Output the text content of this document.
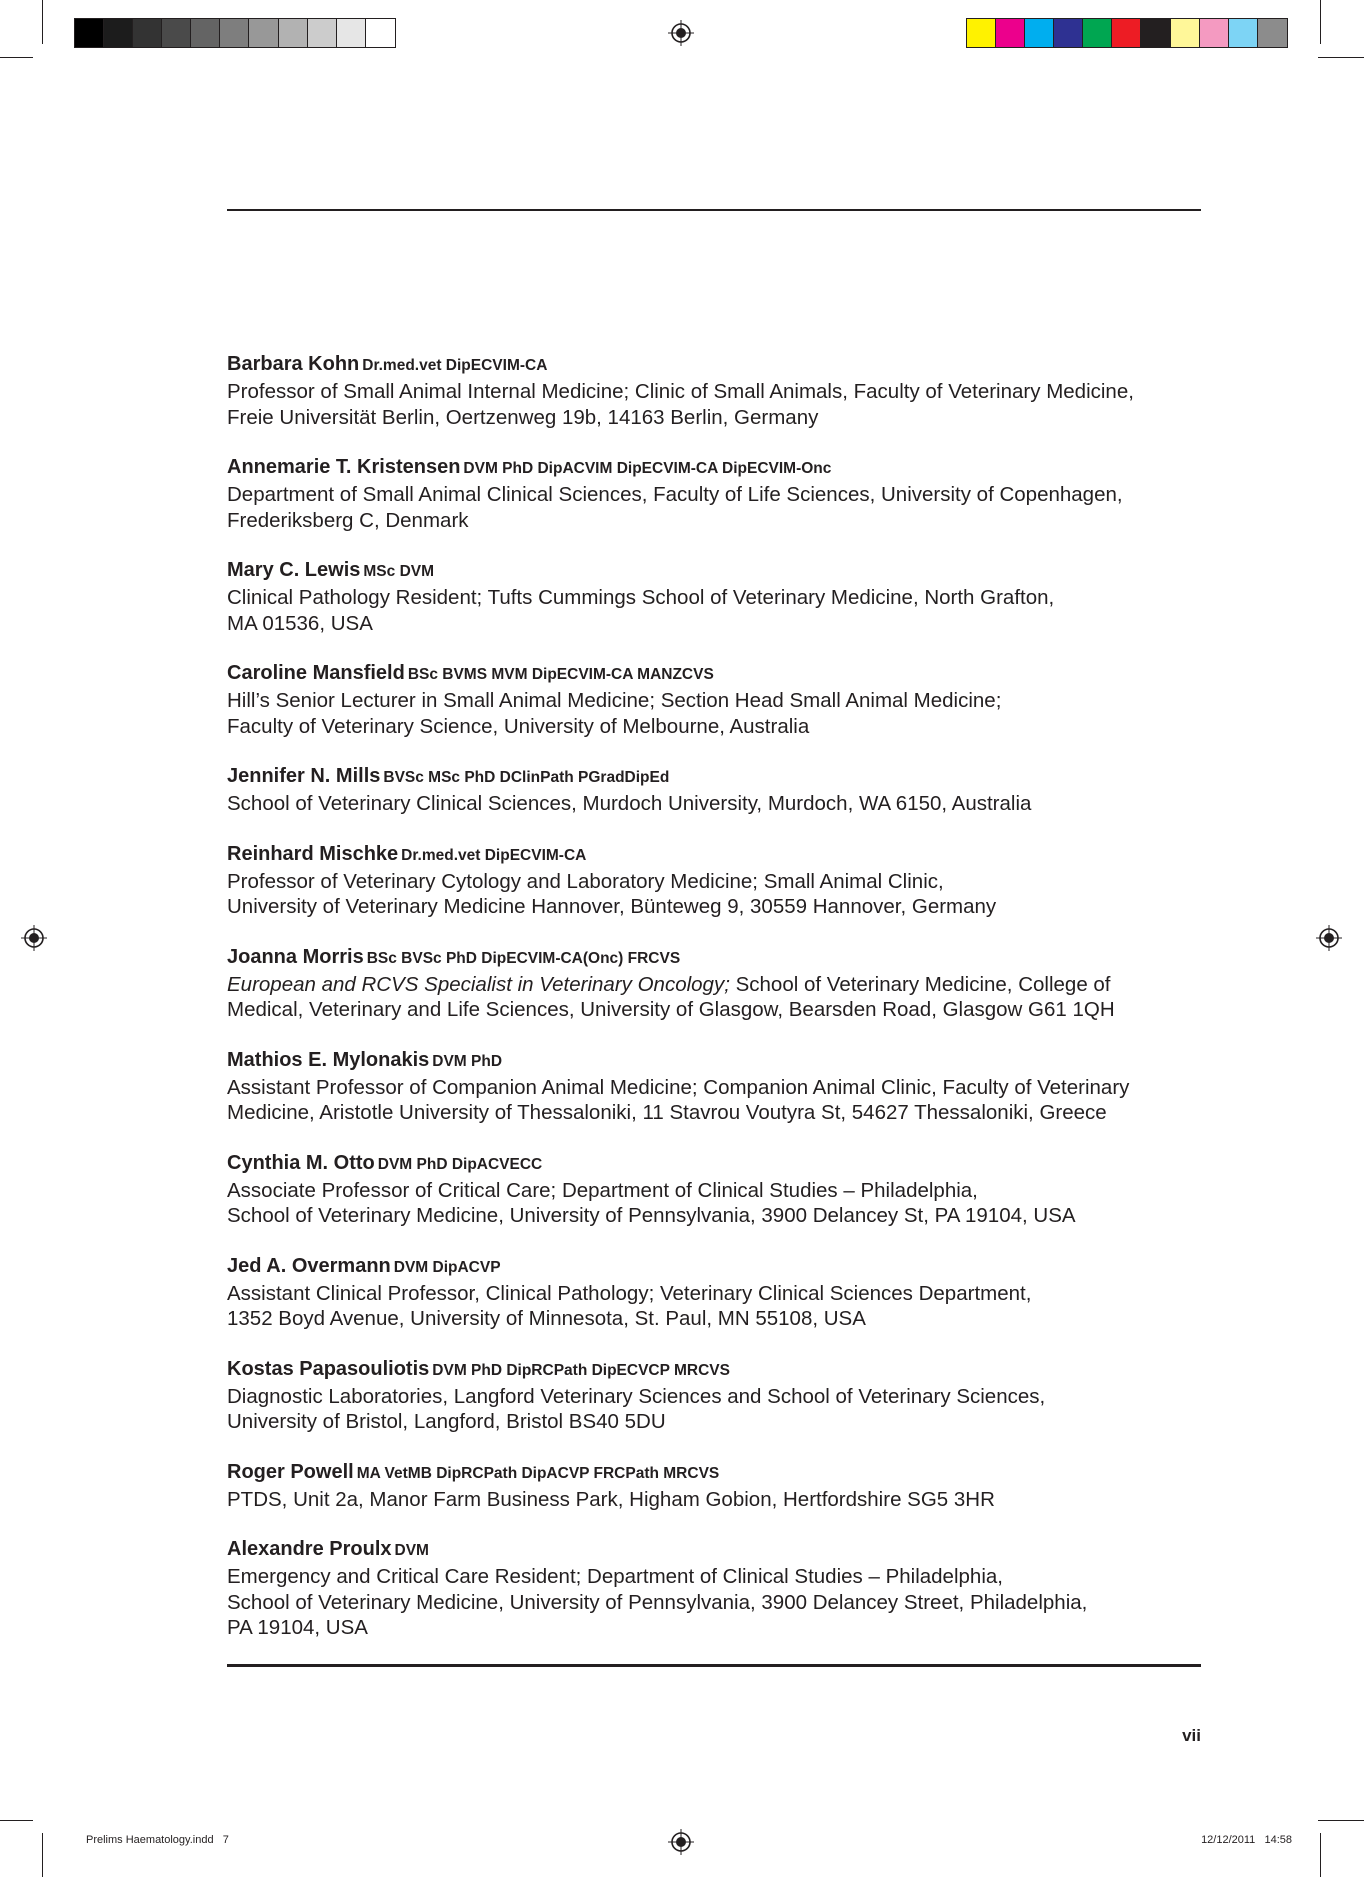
Barbara Kohn Dr.med.vet DipECVIM-CA
Professor of Small Animal Internal Medicine; Clinic of Small Animals, Faculty of Veterinary Medicine,
Freie Universität Berlin, Oertzenweg 19b, 14163 Berlin, Germany
Annemarie T. Kristensen DVM PhD DipACVIM DipECVIM-CA DipECVIM-Onc
Department of Small Animal Clinical Sciences, Faculty of Life Sciences, University of Copenhagen,
Frederiksberg C, Denmark
Mary C. Lewis MSc DVM
Clinical Pathology Resident; Tufts Cummings School of Veterinary Medicine, North Grafton,
MA 01536, USA
Caroline Mansfield BSc BVMS MVM DipECVIM-CA MANZCVS
Hill’s Senior Lecturer in Small Animal Medicine; Section Head Small Animal Medicine;
Faculty of Veterinary Science, University of Melbourne, Australia
Jennifer N. Mills BVSc MSc PhD DClinPath PGradDipEd
School of Veterinary Clinical Sciences, Murdoch University, Murdoch, WA 6150, Australia
Reinhard Mischke Dr.med.vet DipECVIM-CA
Professor of Veterinary Cytology and Laboratory Medicine; Small Animal Clinic,
University of Veterinary Medicine Hannover, Bünteweg 9, 30559 Hannover, Germany
Joanna Morris BSc BVSc PhD DipECVIM-CA(Onc) FRCVS
European and RCVS Specialist in Veterinary Oncology; School of Veterinary Medicine, College of
Medical, Veterinary and Life Sciences, University of Glasgow, Bearsden Road, Glasgow G61 1QH
Mathios E. Mylonakis DVM PhD
Assistant Professor of Companion Animal Medicine; Companion Animal Clinic, Faculty of Veterinary
Medicine, Aristotle University of Thessaloniki, 11 Stavrou Voutyra St, 54627 Thessaloniki, Greece
Cynthia M. Otto DVM PhD DipACVECC
Associate Professor of Critical Care; Department of Clinical Studies – Philadelphia,
School of Veterinary Medicine, University of Pennsylvania, 3900 Delancey St, PA 19104, USA
Jed A. Overmann DVM DipACVP
Assistant Clinical Professor, Clinical Pathology; Veterinary Clinical Sciences Department,
1352 Boyd Avenue, University of Minnesota, St. Paul, MN 55108, USA
Kostas Papasouliotis DVM PhD DipRCPath DipECVCP MRCVS
Diagnostic Laboratories, Langford Veterinary Sciences and School of Veterinary Sciences,
University of Bristol, Langford, Bristol BS40 5DU
Roger Powell MA VetMB DipRCPath DipACVP FRCPath MRCVS
PTDS, Unit 2a, Manor Farm Business Park, Higham Gobion, Hertfordshire SG5 3HR
Alexandre Proulx DVM
Emergency and Critical Care Resident; Department of Clinical Studies – Philadelphia,
School of Veterinary Medicine, University of Pennsylvania, 3900 Delancey Street, Philadelphia,
PA 19104, USA
vii
Prelims Haematology.indd   7	12/12/2011   14:58
